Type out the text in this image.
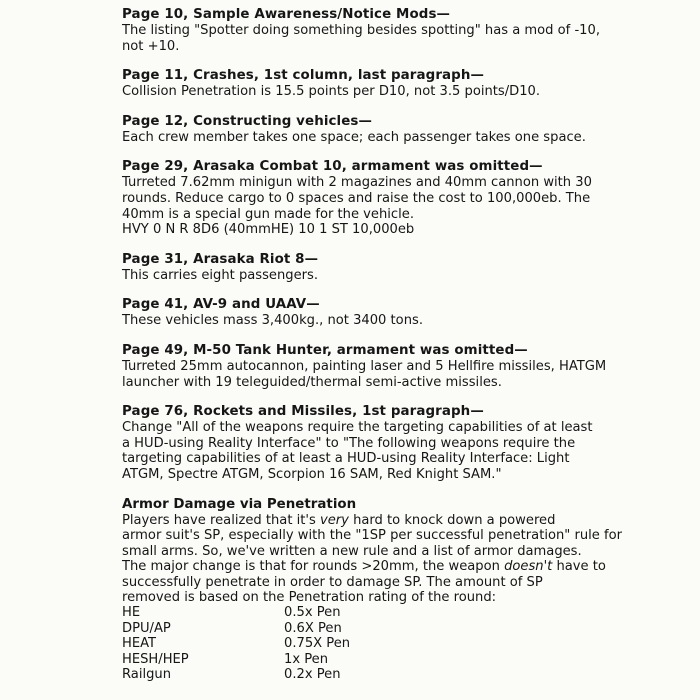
Page 10, Sample Awareness/Notice Mods—
The listing "Spotter doing something besides spotting" has a mod of -10,
not +10.
Page 11, Crashes, 1st column, last paragraph—
Collision Penetration is 15.5 points per D10, not 3.5 points/D10.
Page 12, Constructing vehicles—
Each crew member takes one space; each passenger takes one space.
Page 29, Arasaka Combat 10, armament was omitted—
Turreted 7.62mm minigun with 2 magazines and 40mm cannon with 30
rounds. Reduce cargo to 0 spaces and raise the cost to 100,000eb. The
40mm is a special gun made for the vehicle.
HVY 0 N R 8D6 (40mmHE) 10 1 ST 10,000eb
Page 31, Arasaka Riot 8—
This carries eight passengers.
Page 41, AV-9 and UAAV—
These vehicles mass 3,400kg., not 3400 tons.
Page 49, M-50 Tank Hunter, armament was omitted—
Turreted 25mm autocannon, painting laser and 5 Hellfire missiles, HATGM
launcher with 19 teleguided/thermal semi-active missiles.
Page 76, Rockets and Missiles, 1st paragraph—
Change "All of the weapons require the targeting capabilities of at least
a HUD-using Reality Interface" to "The following weapons require the
targeting capabilities of at least a HUD-using Reality Interface: Light
ATGM, Spectre ATGM, Scorpion 16 SAM, Red Knight SAM."
Armor Damage via Penetration
Players have realized that it's very hard to knock down a powered
armor suit's SP, especially with the "1SP per successful penetration" rule for
small arms. So, we've written a new rule and a list of armor damages.
The major change is that for rounds >20mm, the weapon doesn't have to
successfully penetrate in order to damage SP. The amount of SP
removed is based on the Penetration rating of the round:
HE	0.5x Pen
DPU/AP	0.6X Pen
HEAT	0.75X Pen
HESH/HEP	1x Pen
Railgun	0.2x Pen
